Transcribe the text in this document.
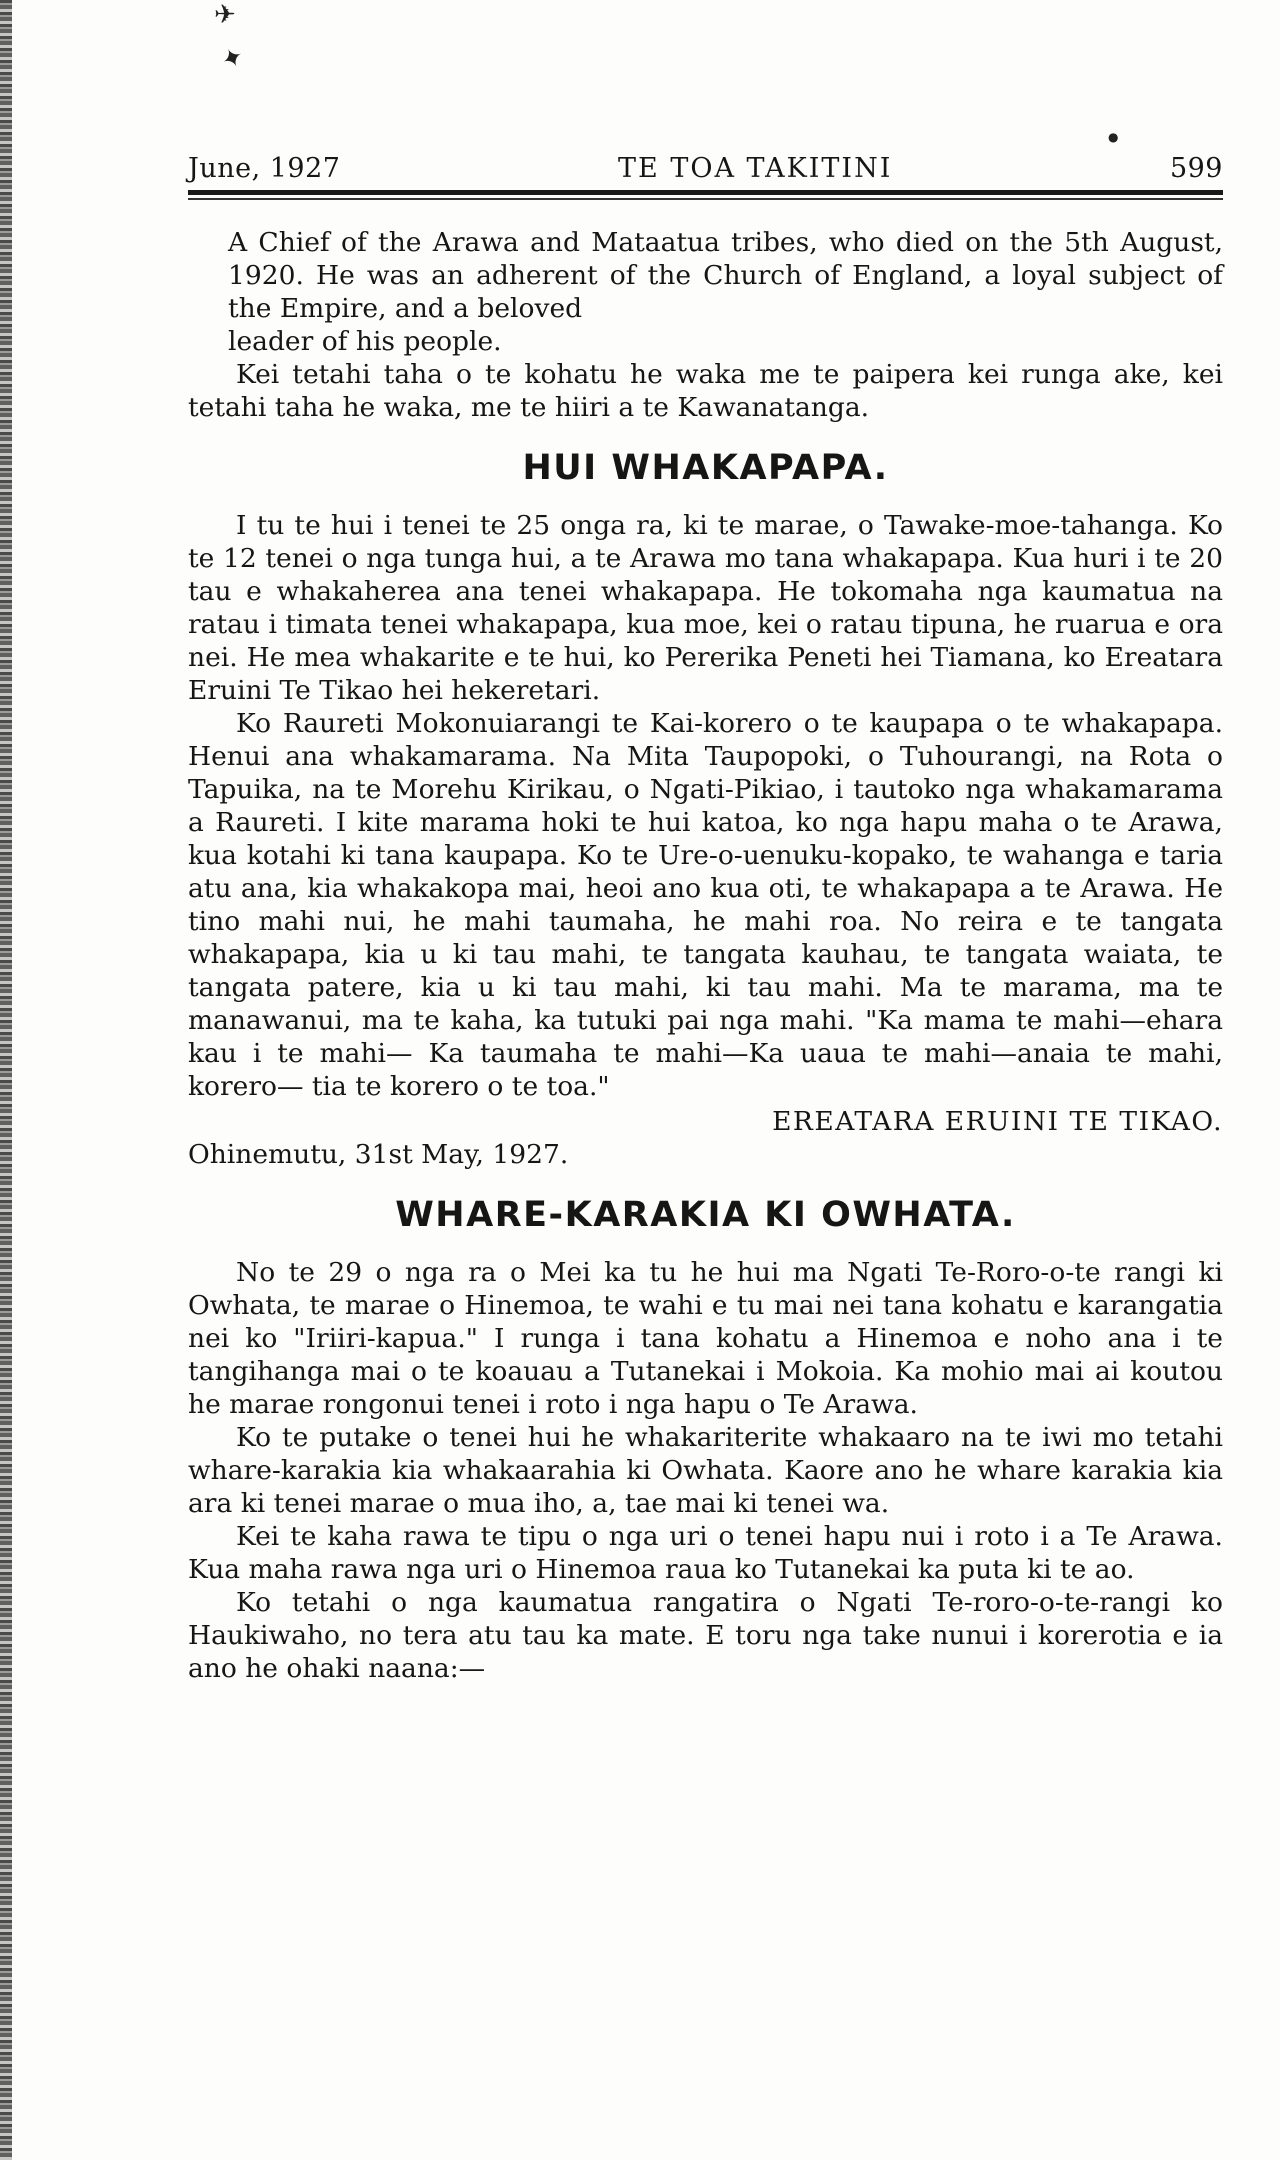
✈
✦
●
June, 1927	TE TOA TAKITINI	599
A Chief of the Arawa and Mataatua tribes, who died on the 5th August, 1920. He was an adherent of the Church of England, a loyal subject of the Empire, and a beloved
leader of his people.

Kei tetahi taha o te kohatu he waka me te paipera kei runga ake, kei tetahi taha he waka, me te hiiri a te Kawanatanga.

HUI WHAKAPAPA.

I tu te hui i tenei te 25 onga ra, ki te marae, o Tawake-moe-tahanga. Ko te 12 tenei o nga tunga hui, a te Arawa mo tana whakapapa. Kua huri i te 20 tau e whakaherea ana tenei whakapapa. He tokomaha nga kaumatua na ratau i timata tenei whakapapa, kua moe, kei o ratau tipuna, he ruarua e ora nei. He mea whakarite e te hui, ko Pererika Peneti hei Tiamana, ko Ereatara Eruini Te Tikao hei hekeretari.

Ko Raureti Mokonuiarangi te Kai-korero o te kaupapa o te whakapapa. Henui ana whakamarama. Na Mita Taupopoki, o Tuhourangi, na Rota o Tapuika, na te Morehu Kirikau, o Ngati-Pikiao, i tautoko nga whakamarama a Raureti. I kite marama hoki te hui katoa, ko nga hapu maha o te Arawa, kua kotahi ki tana kaupapa. Ko te Ure-o-uenuku-kopako, te wahanga e taria atu ana, kia whakakopa mai, heoi ano kua oti, te whakapapa a te Arawa. He tino mahi nui, he mahi taumaha, he mahi roa. No reira e te tangata whakapapa, kia u ki tau mahi, te tangata kauhau, te tangata waiata, te tangata patere, kia u ki tau mahi, ki tau mahi. Ma te marama, ma te manawanui, ma te kaha, ka tutuki pai nga mahi. "Ka mama te mahi—ehara kau i te mahi— Ka taumaha te mahi—Ka uaua te mahi—anaia te mahi, korero— tia te korero o te toa."

EREATARA ERUINI TE TIKAO.
Ohinemutu, 31st May, 1927.
WHARE-KARAKIA KI OWHATA.

No te 29 o nga ra o Mei ka tu he hui ma Ngati Te-Roro-o-te rangi ki Owhata, te marae o Hinemoa, te wahi e tu mai nei tana kohatu e karangatia nei ko "Iriiri-kapua." I runga i tana kohatu a Hinemoa e noho ana i te tangihanga mai o te koauau a Tutanekai i Mokoia. Ka mohio mai ai koutou he marae rongonui tenei i roto i nga hapu o Te Arawa.

Ko te putake o tenei hui he whakariterite whakaaro na te iwi mo tetahi whare-karakia kia whakaarahia ki Owhata. Kaore ano he whare karakia kia ara ki tenei marae o mua iho, a, tae mai ki tenei wa.

Kei te kaha rawa te tipu o nga uri o tenei hapu nui i roto i a Te Arawa. Kua maha rawa nga uri o Hinemoa raua ko Tutanekai ka puta ki te ao.

Ko tetahi o nga kaumatua rangatira o Ngati Te-roro-o-te-rangi ko Haukiwaho, no tera atu tau ka mate. E toru nga take nunui i korerotia e ia ano he ohaki naana:—
